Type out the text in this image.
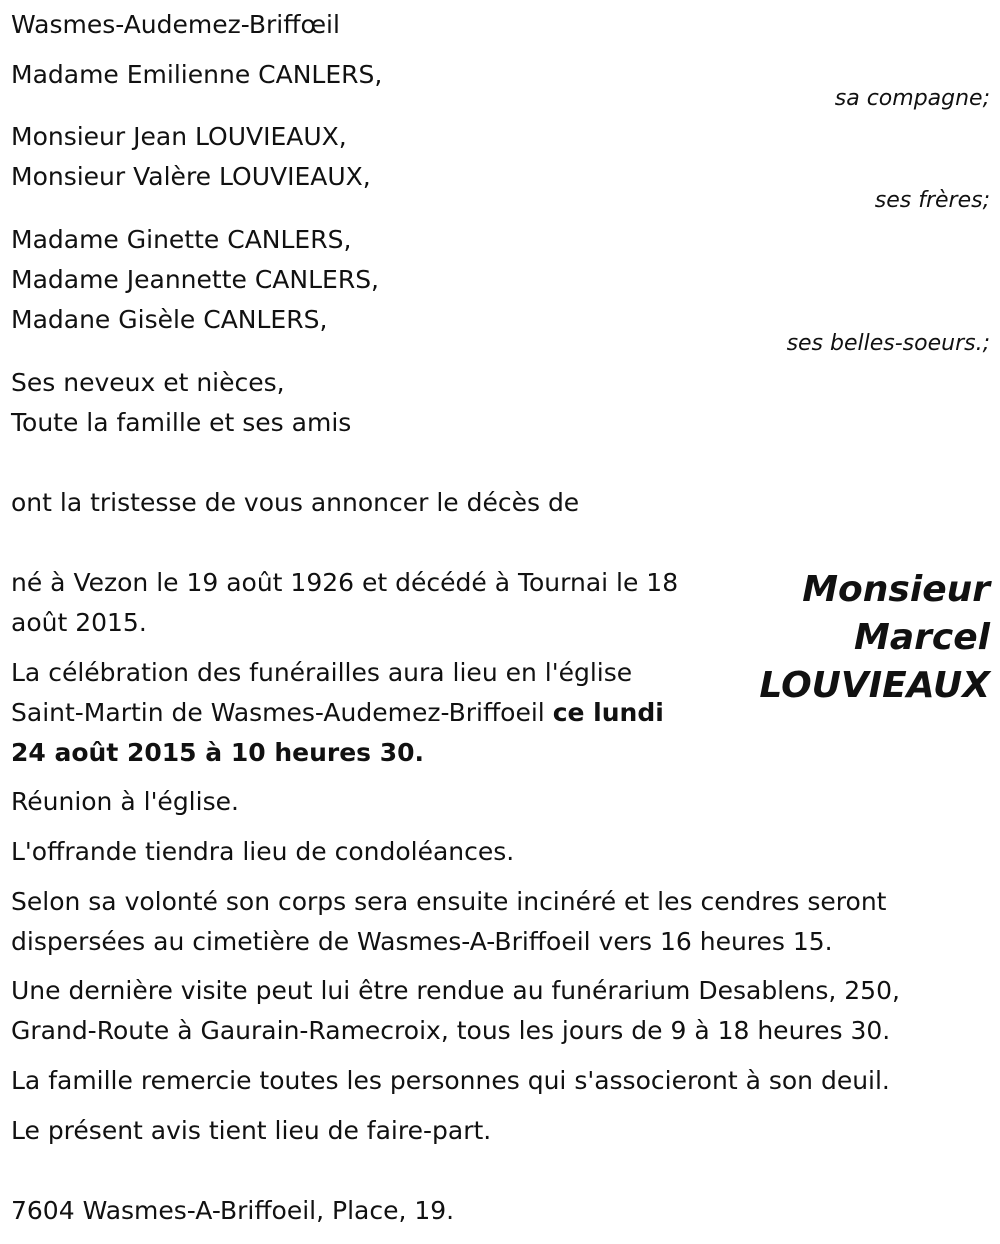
Wasmes-Audemez-Briffœil
Madame Emilienne CANLERS,
sa compagne;
Monsieur Jean LOUVIEAUX,
Monsieur Valère LOUVIEAUX,
ses frères;
Madame Ginette CANLERS,
Madame Jeannette CANLERS,
Madane Gisèle CANLERS,
ses belles-soeurs.;
Ses neveux et nièces,
Toute la famille et ses amis
ont la tristesse de vous annoncer le décès de
Monsieur
Marcel
LOUVIEAUX
né à Vezon le 19 août 1926 et décédé à Tournai le 18
août 2015.
La célébration des funérailles aura lieu en l'église
Saint-Martin de Wasmes-Audemez-Briffoeil ce lundi
24 août 2015 à 10 heures 30.
Réunion à l'église.
L'offrande tiendra lieu de condoléances.
Selon sa volonté son corps sera ensuite incinéré et les cendres seront
dispersées au cimetière de Wasmes-A-Briffoeil vers 16 heures 15.
Une dernière visite peut lui être rendue au funérarium Desablens, 250,
Grand-Route à Gaurain-Ramecroix, tous les jours de 9 à 18 heures 30.
La famille remercie toutes les personnes qui s'associeront à son deuil.
Le présent avis tient lieu de faire-part.
7604 Wasmes-A-Briffoeil, Place, 19.
